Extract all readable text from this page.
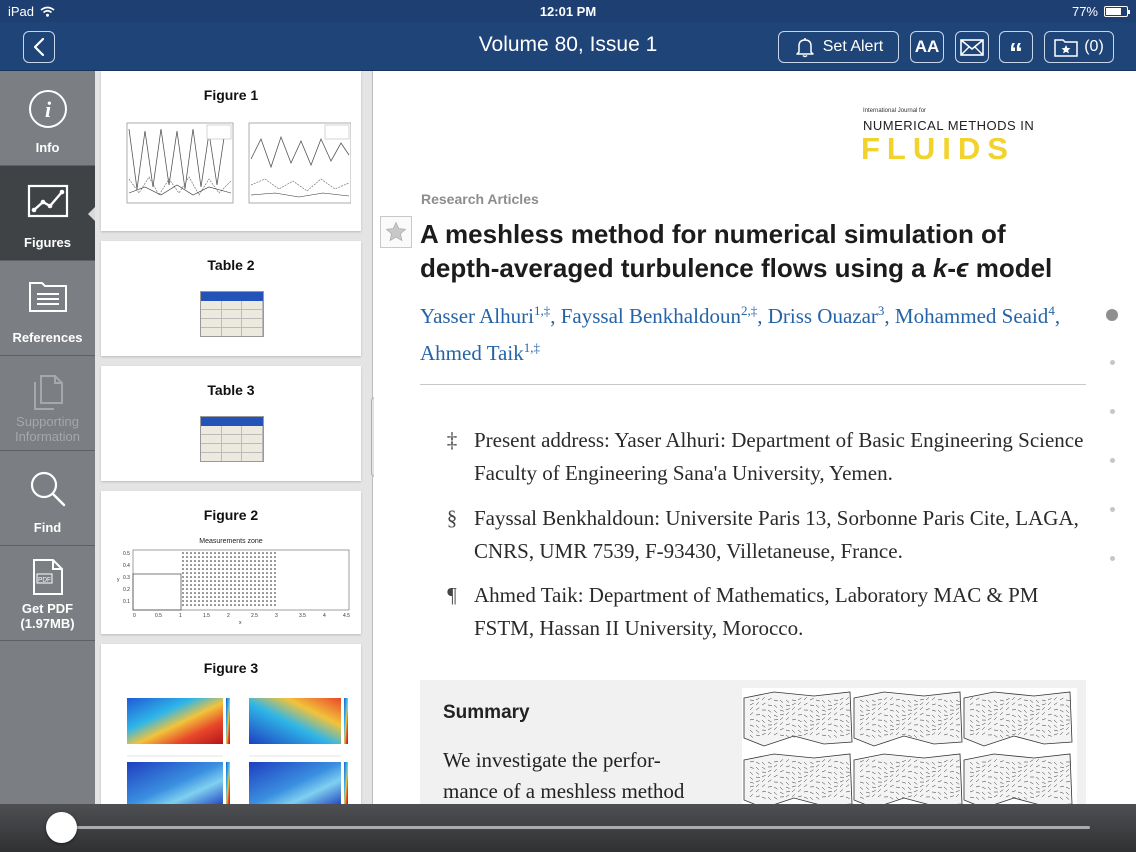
iPad	12:01 PM	77%
Volume 80, Issue 1	Set Alert AA “	(0)
i
Info
Figures
References
Supporting Information
Find
PDF
Get PDF (1.97MB)
Figure 1
Table 2
Table 3
Figure 2
Measurements zone
0.5
0.4
0.3
0.2
0.1
0	0.5	1	1.5	2	2.5	3	3.5	4	4.5
x
y
Figure 3
International Journal for
NUMERICAL METHODS IN
FLUIDS
Research Articles
A meshless method for numerical simulation of
depth-averaged turbulence flows using a k-ϵ model
Yasser Alhuri$^{1,\ddagger}$, Fayssal Benkhaldoun$^{2,\ddagger}$, Driss Ouazar$^3$, Mohammed Seaid$^4$, Ahmed Taik$^{1,\ddagger}$
‡ Present address: Yaser Alhuri: Department of Basic Engineering Science Faculty of Engineering Sana'a University, Yemen.
§ Fayssal Benkhaldoun: Universite Paris 13, Sorbonne Paris Cite, LAGA, CNRS, UMR 7539, F-93430, Villetaneuse, France.
¶ Ahmed Taik: Department of Mathematics, Laboratory MAC & PM FSTM, Hassan II University, Morocco.
Summary
We investigate the perfor-
mance of a meshless method
